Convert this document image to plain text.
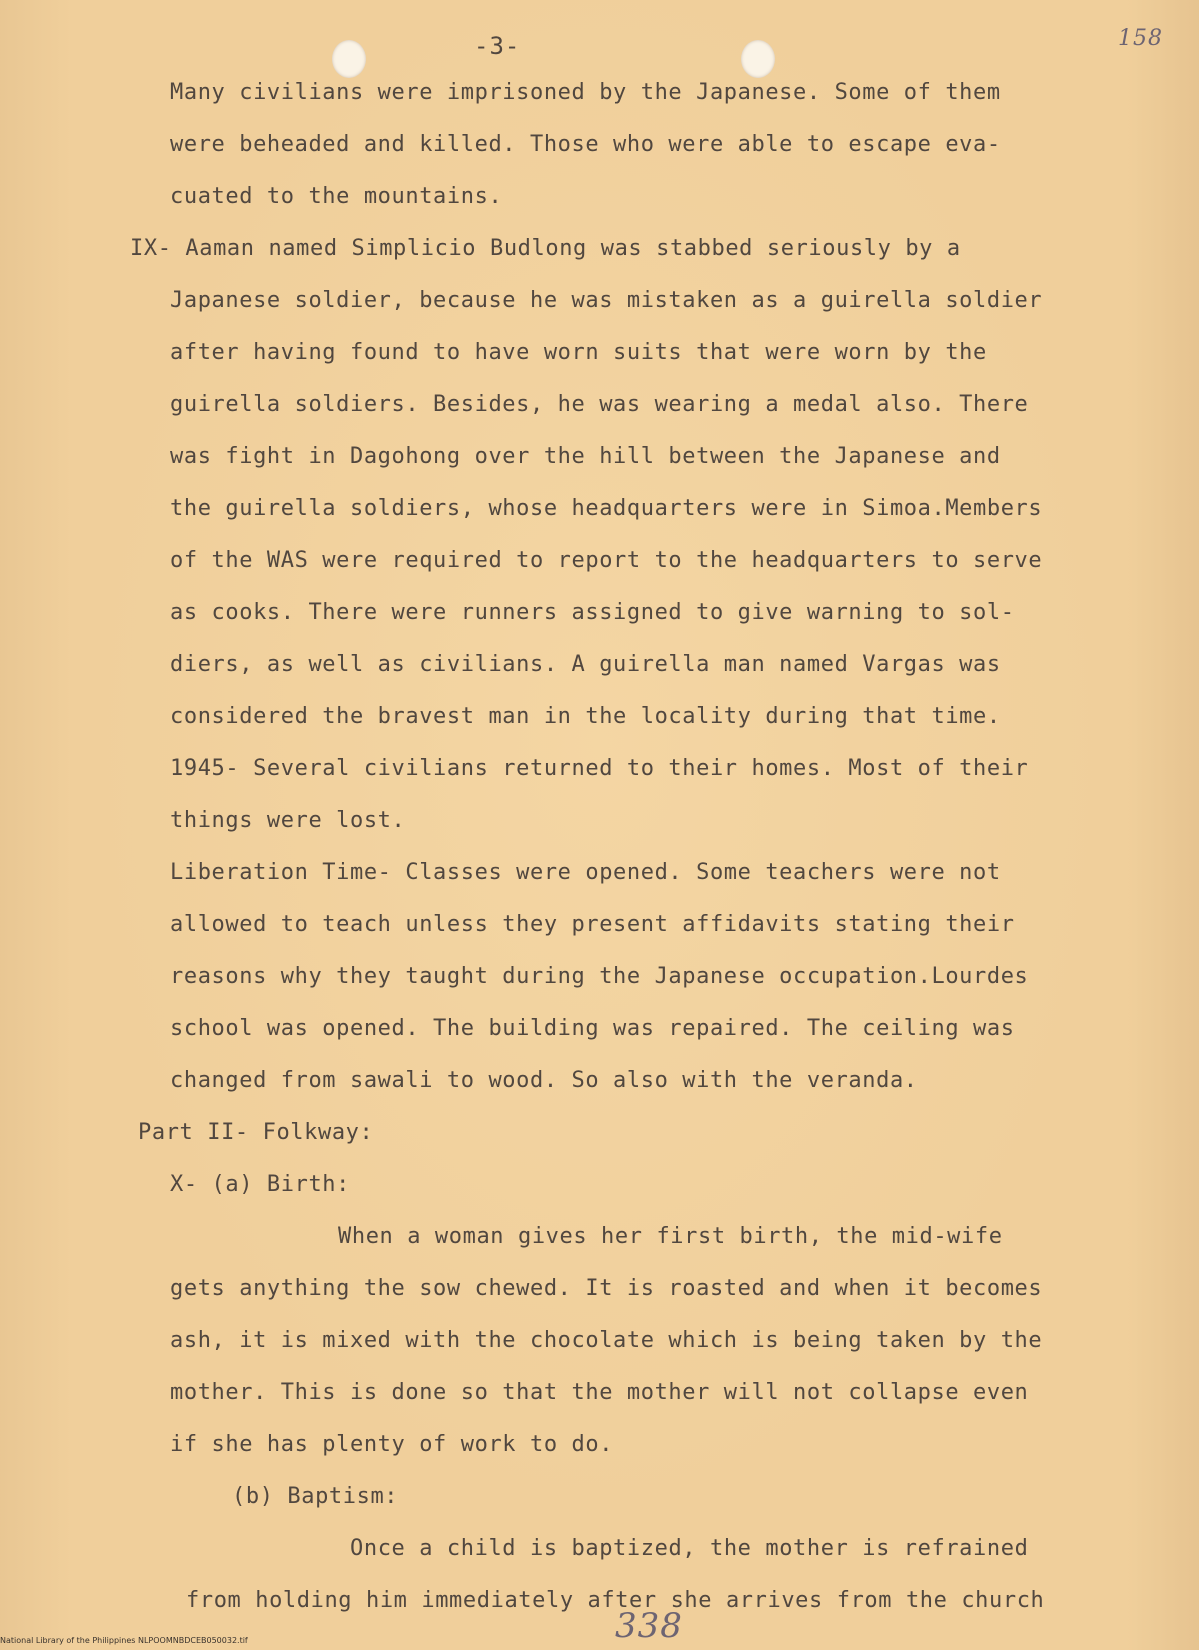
-3-	158
Many civilians were imprisoned by the Japanese. Some of them
were beheaded and killed. Those who were able to escape eva-
cuated to the mountains.
IX- Aaman named Simplicio Budlong was stabbed seriously by a
Japanese soldier, because he was mistaken as a guirella soldier
after having found to have worn suits that were worn by the
guirella soldiers. Besides, he was wearing a medal also. There
was fight in Dagohong over the hill between the Japanese and
the guirella soldiers, whose headquarters were in Simoa.Members
of the WAS were required to report to the headquarters to serve
as cooks. There were runners assigned to give warning to sol-
diers, as well as civilians. A guirella man named Vargas was
considered the bravest man in the locality during that time.
1945- Several civilians returned to their homes. Most of their
things were lost.
Liberation Time- Classes were opened. Some teachers were not
allowed to teach unless they present affidavits stating their
reasons why they taught during the Japanese occupation.Lourdes
school was opened. The building was repaired. The ceiling was
changed from sawali to wood. So also with the veranda.
Part II- Folkway:
X- (a) Birth:
When a woman gives her first birth, the mid-wife
gets anything the sow chewed. It is roasted and when it becomes
ash, it is mixed with the chocolate which is being taken by the
mother. This is done so that the mother will not collapse even
if she has plenty of work to do.
(b) Baptism:
Once a child is baptized, the mother is refrained
from holding him immediately after she arrives from the church
338
National Library of the Philippines NLPOOMNBDCEB050032.tif
